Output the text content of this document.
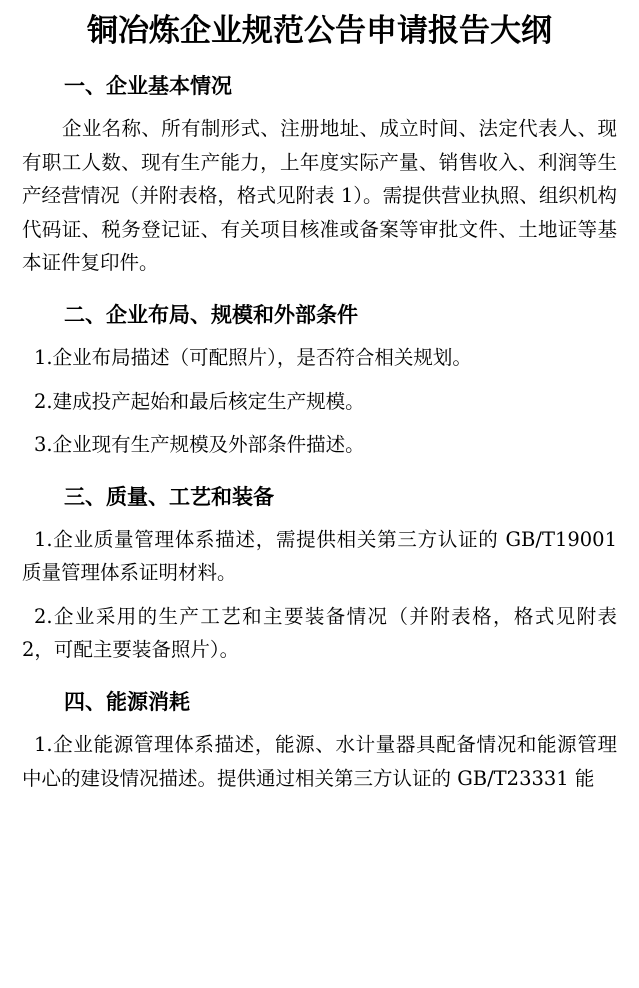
铜冶炼企业规范公告申请报告大纲
一、企业基本情况

企业名称、所有制形式、注册地址、成立时间、法定代表人、现有职工人数、现有生产能力，上年度实际产量、销售收入、利润等生产经营情况（并附表格，格式见附表 1）。需提供营业执照、组织机构代码证、税务登记证、有关项目核准或备案等审批文件、土地证等基本证件复印件。

二、企业布局、规模和外部条件

1.企业布局描述（可配照片），是否符合相关规划。

2.建成投产起始和最后核定生产规模。

3.企业现有生产规模及外部条件描述。

三、质量、工艺和装备

1.企业质量管理体系描述，需提供相关第三方认证的 GB/T19001 质量管理体系证明材料。

2.企业采用的生产工艺和主要装备情况（并附表格，格式见附表 2，可配主要装备照片）。

四、能源消耗

1.企业能源管理体系描述，能源、水计量器具配备情况和能源管理中心的建设情况描述。提供通过相关第三方认证的 GB/T23331 能
